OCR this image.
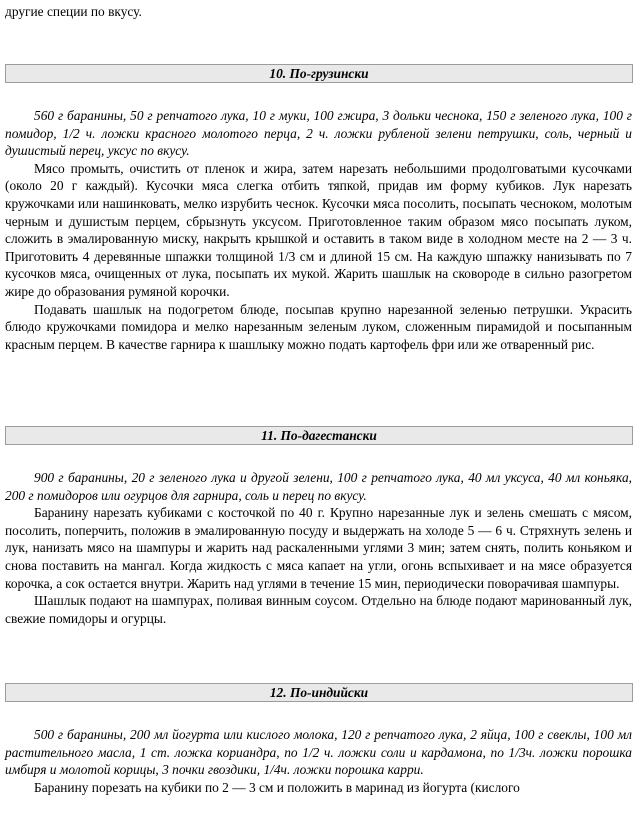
другие специи по вкусу.
10. По-грузински

560 г баранины, 50 г репчатого лука, 10 г муки, 100 гжира, 3 дольки чеснока, 150 г зеленого лука, 100 г помидор, 1/2 ч. ложки красного молотого перца, 2 ч. ложки рубленой зелени петрушки, соль, черный и душистый перец, уксус по вкусу.

Мясо промыть, очистить от пленок и жира, затем нарезать небольшими продолговатыми кусочками (около 20 г каждый). Кусочки мяса слегка отбить тяпкой, придав им форму кубиков. Лук нарезать кружочками или нашинковать, мелко изрубить чеснок. Кусочки мяса посолить, посыпать чесноком, молотым черным и душистым перцем, сбрызнуть уксусом. Приготовленное таким образом мясо посыпать луком, сложить в эмалированную миску, накрыть крышкой и оставить в таком виде в холодном месте на 2 — 3 ч. Приготовить 4 деревянные шпажки толщиной 1/3 см и длиной 15 см. На каждую шпажку нанизывать по 7 кусочков мяса, очищенных от лука, посыпать их мукой. Жарить шашлык на сковороде в сильно разогретом жире до образования румяной корочки.

Подавать шашлык на подогретом блюде, посыпав крупно нарезанной зеленью петрушки. Украсить блюдо кружочками помидора и мелко нарезанным зеленым луком, сложенным пирамидой и посыпанным красным перцем. В качестве гарнира к шашлыку можно подать картофель фри или же отваренный рис.

11. По-дагестански

900 г баранины, 20 г зеленого лука и другой зелени, 100 г репчатого лука, 40 мл уксуса, 40 мл коньяка, 200 г помидоров или огурцов для гарнира, соль и перец по вкусу.

Баранину нарезать кубиками с косточкой по 40 г. Крупно нарезанные лук и зелень смешать с мясом, посолить, поперчить, положив в эмалированную посуду и выдержать на холоде 5 — 6 ч. Стряхнуть зелень и лук, нанизать мясо на шампуры и жарить над раскаленными углями 3 мин; затем снять, полить коньяком и снова поставить на мангал. Когда жидкость с мяса капает на угли, огонь вспыхивает и на мясе образуется корочка, а сок остается внутри. Жарить над углями в течение 15 мин, периодически поворачивая шампуры.

Шашлык подают на шампурах, поливая винным соусом. Отдельно на блюде подают маринованный лук, свежие помидоры и огурцы.

12. По-индийски

500 г баранины, 200 мл йогурта или кислого молока, 120 г репчатого лука, 2 яйца, 100 г свеклы, 100 мл растительного масла, 1 ст. ложка кориандра, по 1/2 ч. ложки соли и кардамона, по 1/3ч. ложки порошка имбиря и молотой корицы, 3 почки гвоздики, 1/4ч. ложки порошка карри.

Баранину порезать на кубики по 2 — 3 см и положить в маринад из йогурта (кислого
